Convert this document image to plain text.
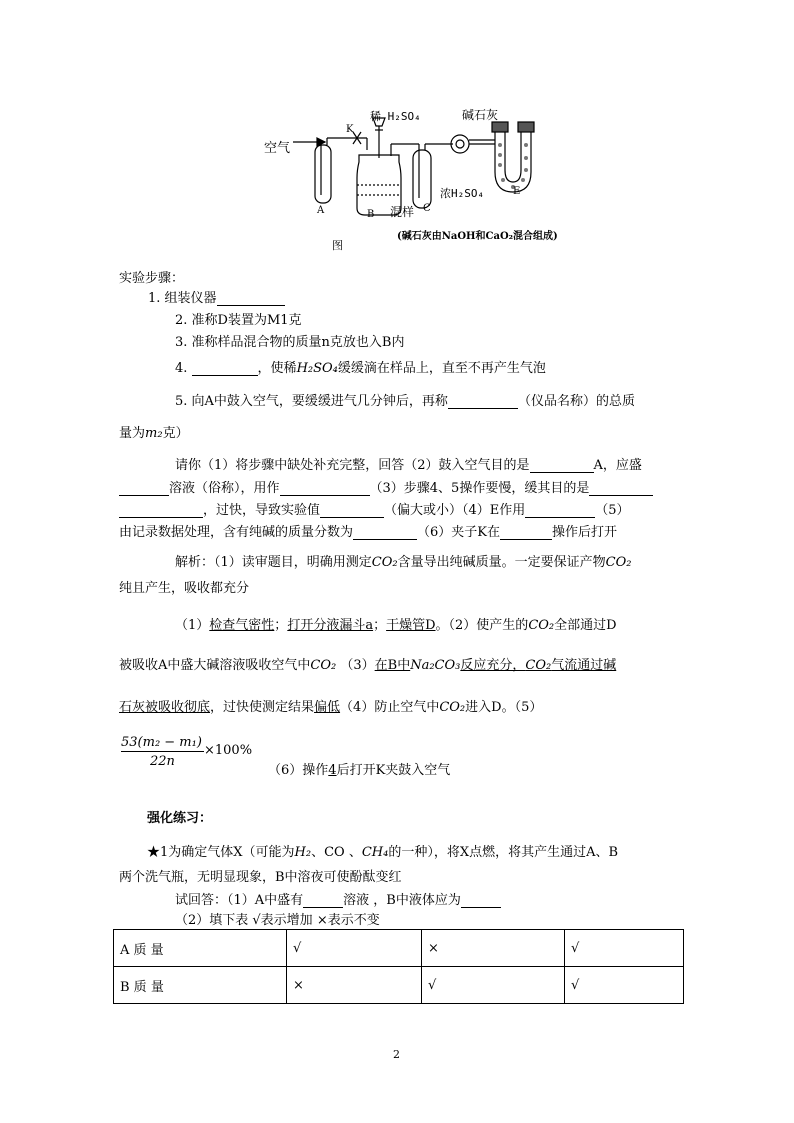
空气
K
稀 H₂SO₄	碱石灰
浓H₂SO₄
混样
A	B
C
E
图
(碱石灰由NaOH和CaO₂混合组成)
实验步骤：
1. 组装仪器
2. 准称D装置为M1克
3. 准称样品混合物的质量n克放也入B内
4.	，使稀H₂SO₄缓缓滴在样品上，直至不再产生气泡
5. 向A中鼓入空气，要缓缓进气几分钟后，再称	（仪品名称）的总质
量为m₂克）
请你（1）将步骤中缺处补充完整，回答（2）鼓入空气目的是	A，应盛
溶液（俗称），用作	（3）步骤4、5操作要慢，缓其目的是
，过快，导致实验值	（偏大或小）（4）E作用	（5）
由记录数据处理，含有纯碱的质量分数为	（6）夹子K在	操作后打开
解析：（1）读审题目，明确用测定CO₂含量导出纯碱质量。一定要保证产物CO₂
纯且产生，吸收都充分
（1）检查气密性；打开分液漏斗a；干燥管D。（2）使产生的CO₂全部通过D
被吸收A中盛大碱溶液吸收空气中CO₂ （3）在B中Na₂CO₃反应充分，CO₂气流通过碱
石灰被吸收彻底，过快使测定结果偏低（4）防止空气中CO₂进入D。（5）
$\frac{\text{53(m₂ − m₁)}}{22n} \times 100\%$
（6）操作4后打开K夹鼓入空气
强化练习：
★1为确定气体X（可能为H₂、CO 、CH₄的一种），将X点燃，将其产生通过A、B
两个洗气瓶，无明显现象，B中溶夜可使酚酞变红
试回答：（1）A中盛有	溶液 ，B中液体应为
（2）填下表 √表示增加 ×表示不变
A 质 量	√	×	√
B 质 量	×	√	√
2
